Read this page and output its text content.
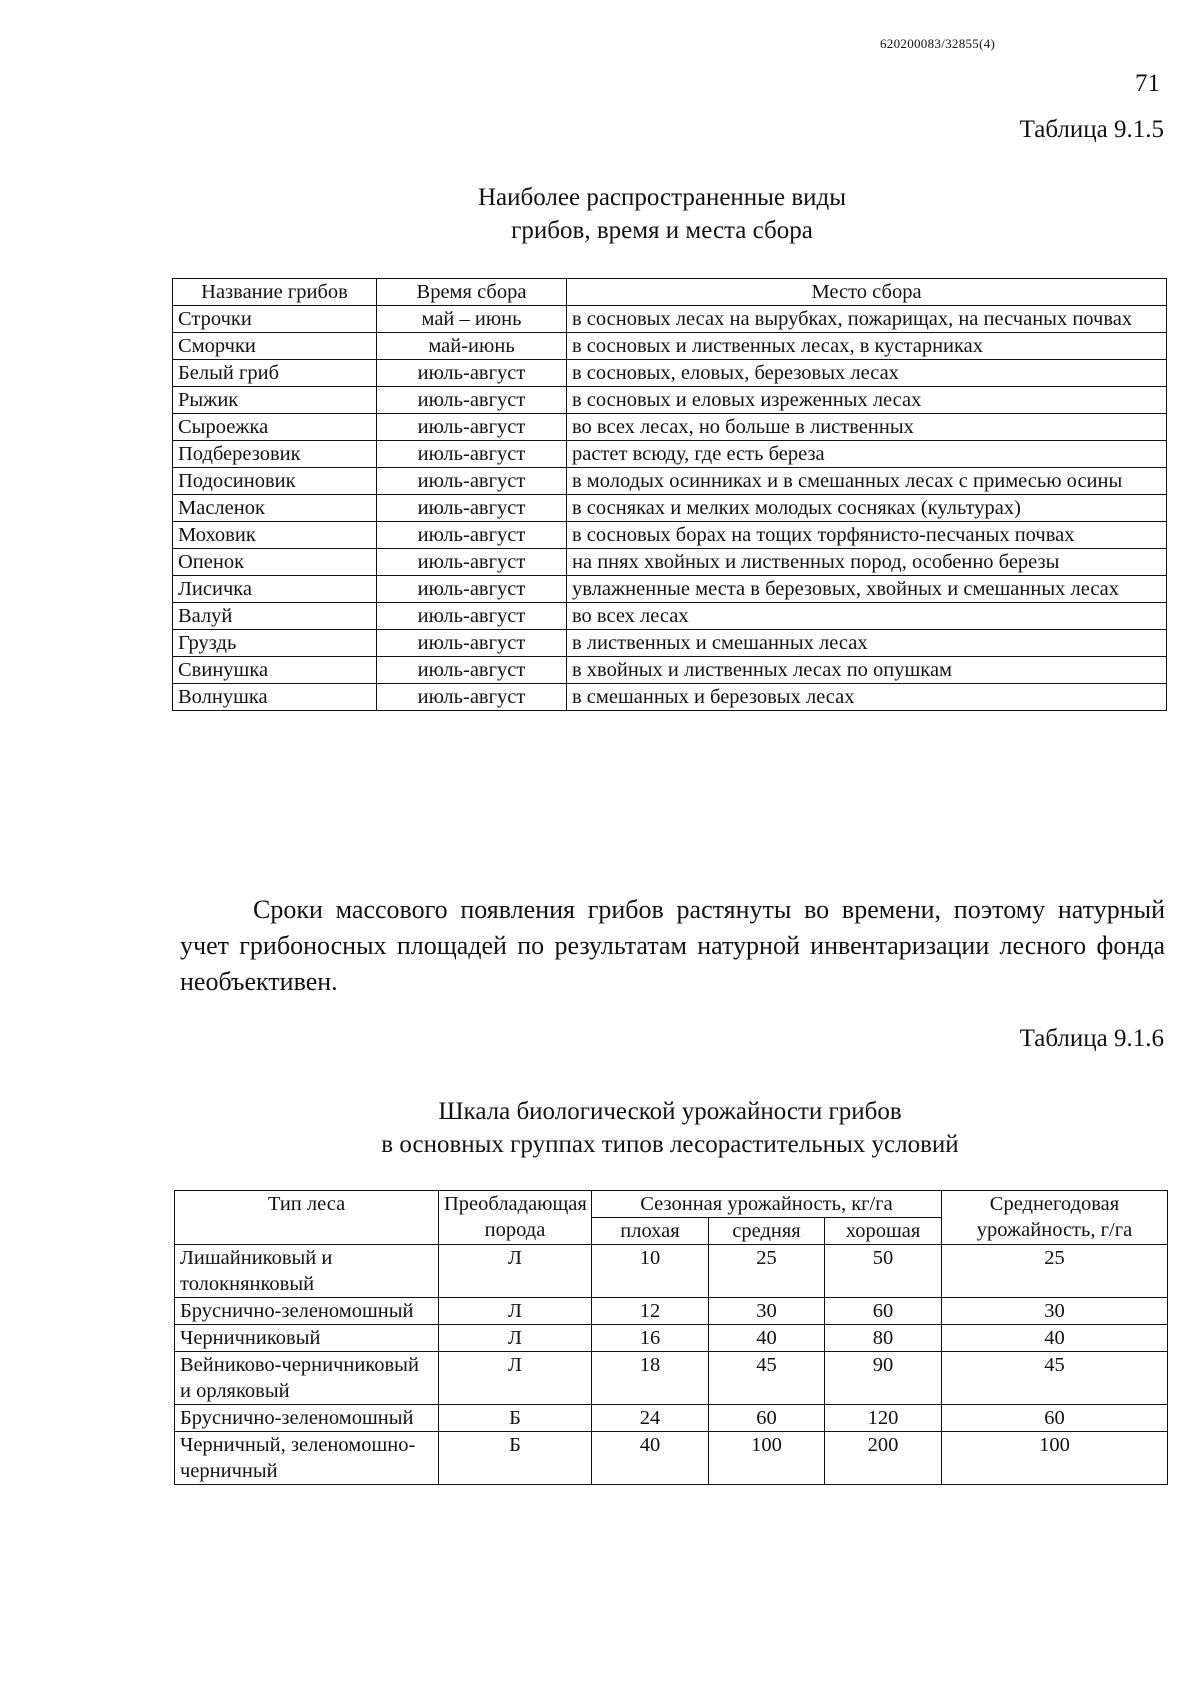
620200083/32855(4)
71
Таблица 9.1.5
Наиболее распространенные виды
грибов, время и места сбора
Название грибов	Время сбора	Место сбора
Строчки	май – июнь	в сосновых лесах на вырубках, пожарищах, на песчаных почвах
Сморчки	май-июнь	в сосновых и лиственных лесах, в кустарниках
Белый гриб	июль-август	в сосновых, еловых, березовых лесах
Рыжик	июль-август	в сосновых и еловых изреженных лесах
Сыроежка	июль-август	во всех лесах, но больше в лиственных
Подберезовик	июль-август	растет всюду, где есть береза
Подосиновик	июль-август	в молодых осинниках и в смешанных лесах с примесью осины
Масленок	июль-август	в сосняках и мелких молодых сосняках (культурах)
Моховик	июль-август	в сосновых борах на тощих торфянисто-песчаных почвах
Опенок	июль-август	на пнях хвойных и лиственных пород, особенно березы
Лисичка	июль-август	увлажненные места в березовых, хвойных и смешанных лесах
Валуй	июль-август	во всех лесах
Груздь	июль-август	в лиственных и смешанных лесах
Свинушка	июль-август	в хвойных и лиственных лесах по опушкам
Волнушка	июль-август	в смешанных и березовых лесах
Сроки массового появления грибов растянуты во времени, поэтому натурный учет грибоносных площадей по результатам натурной инвентаризации лесного фонда необъективен.
Таблица 9.1.6
Шкала биологической урожайности грибов
в основных группах типов лесорастительных условий
Тип леса	Преобладающая порода	Сезонная урожайность, кг/га			Среднегодовая урожайность, г/га
		плохая	средняя	хорошая	
Лишайниковый и толокнянковый	Л	10	25	50	25
Бруснично-зеленомошный	Л	12	30	60	30
Черничниковый	Л	16	40	80	40
Вейниково-черничниковый и орляковый	Л	18	45	90	45
Бруснично-зеленомошный	Б	24	60	120	60
Черничный, зеленомошно-черничный	Б	40	100	200	100
